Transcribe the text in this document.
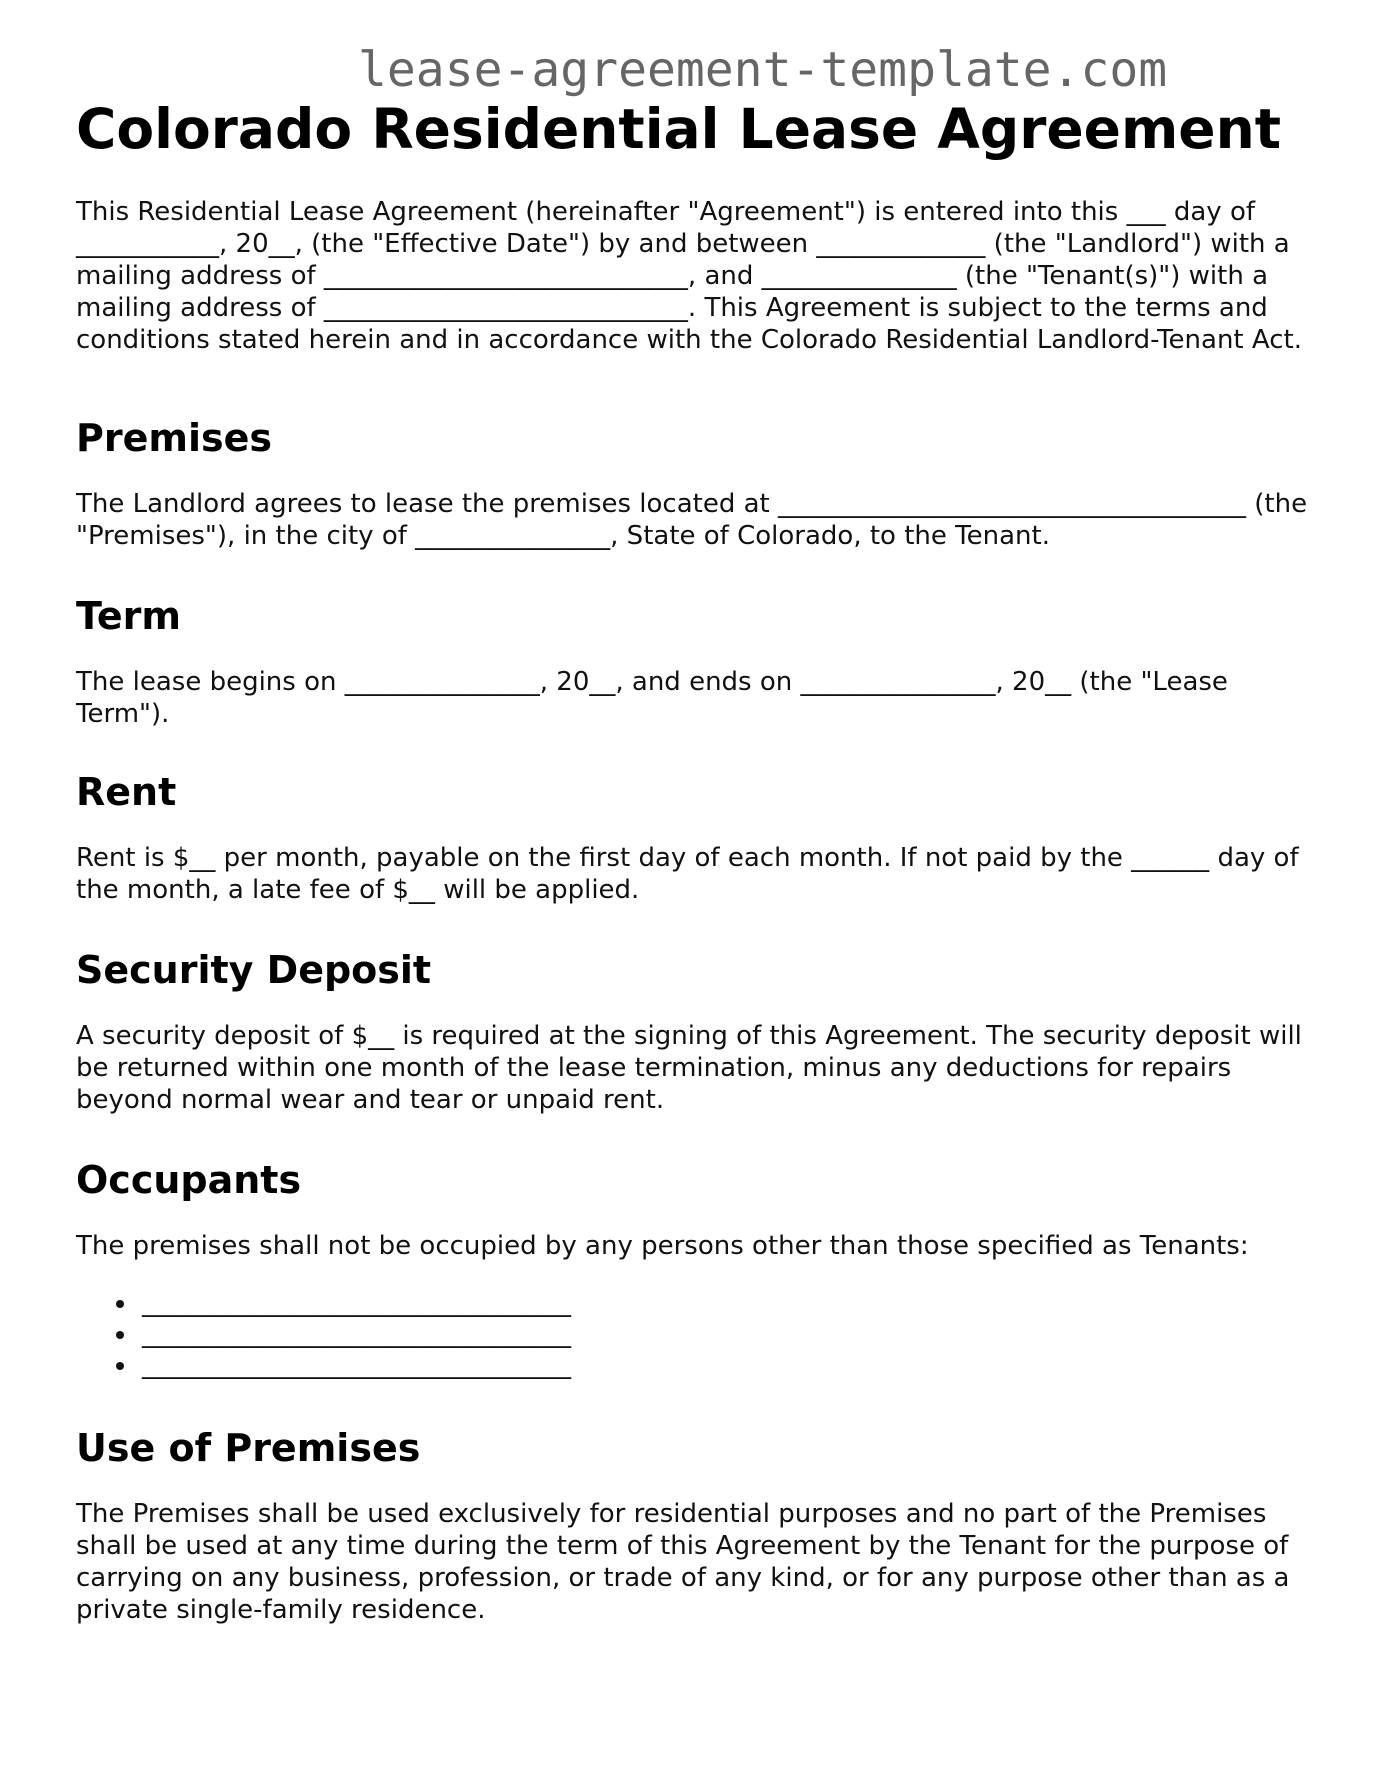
lease-agreement-template.com
Colorado Residential Lease Agreement

This Residential Lease Agreement (hereinafter "Agreement") is entered into this ___ day of ___________, 20__, (the "Effective Date") by and between _____________ (the "Landlord") with a mailing address of ____________________________, and _______________ (the "Tenant(s)") with a mailing address of ____________________________. This Agreement is subject to the terms and conditions stated herein and in accordance with the Colorado Residential Landlord-Tenant Act.

Premises

The Landlord agrees to lease the premises located at ____________________________________ (the "Premises"), in the city of _______________, State of Colorado, to the Tenant.

Term

The lease begins on _______________, 20__, and ends on _______________, 20__ (the "Lease Term").

Rent

Rent is $__ per month, payable on the first day of each month. If not paid by the ______ day of the month, a late fee of $__ will be applied.

Security Deposit

A security deposit of $__ is required at the signing of this Agreement. The security deposit will be returned within one month of the lease termination, minus any deductions for repairs beyond normal wear and tear or unpaid rent.

Occupants

The premises shall not be occupied by any persons other than those specified as Tenants:

_________________________________
_________________________________
_________________________________
Use of Premises

The Premises shall be used exclusively for residential purposes and no part of the Premises shall be used at any time during the term of this Agreement by the Tenant for the purpose of carrying on any business, profession, or trade of any kind, or for any purpose other than as a private single-family residence.
